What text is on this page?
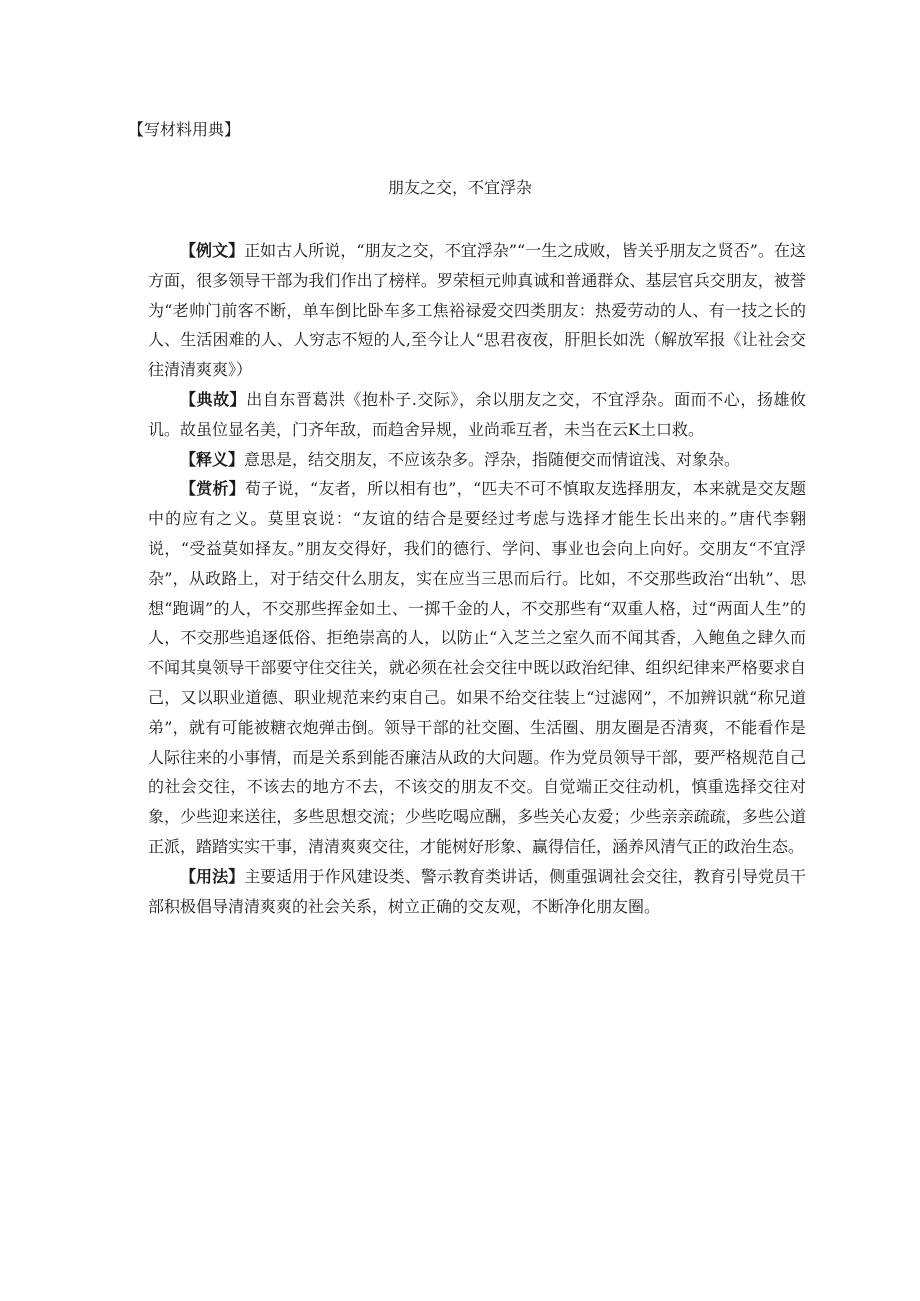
【写材料用典】
朋友之交，不宜浮杂

【例文】正如古人所说，“朋友之交，不宜浮杂”“一生之成败，皆关乎朋友之贤否”。在这方面，很多领导干部为我们作出了榜样。罗荣桓元帅真诚和普通群众、基层官兵交朋友，被誉为“老帅门前客不断，单车倒比卧车多工焦裕禄爱交四类朋友：热爱劳动的人、有一技之长的人、生活困难的人、人穷志不短的人,至今让人“思君夜夜，肝胆长如洗（解放军报《让社会交往清清爽爽》）

【典故】出自东晋葛洪《抱朴子.交际》，余以朋友之交，不宜浮杂。面而不心，扬雄攸讥。故虽位显名美，门齐年敌，而趋舍异规，业尚乖互者，未当在云Κ土口救。

【释义】意思是，结交朋友，不应该杂多。浮杂，指随便交而情谊浅、对象杂。

【赏析】荀子说，“友者，所以相有也”，“匹夫不可不慎取友选择朋友，本来就是交友题中的应有之义。莫里哀说：“友谊的结合是要经过考虑与选择才能生长出来的。”唐代李翱说，“受益莫如择友。”朋友交得好，我们的德行、学问、事业也会向上向好。交朋友“不宜浮杂”，从政路上，对于结交什么朋友，实在应当三思而后行。比如，不交那些政治“出轨”、思想“跑调”的人，不交那些挥金如土、一掷千金的人，不交那些有“双重人格，过“两面人生”的人，不交那些追逐低俗、拒绝崇高的人，以防止“入芝兰之室久而不闻其香，入鲍鱼之肆久而不闻其臭领导干部要守住交往关，就必须在社会交往中既以政治纪律、组织纪律来严格要求自己，又以职业道德、职业规范来约束自己。如果不给交往装上“过滤网”，不加辨识就“称兄道弟”，就有可能被糖衣炮弹击倒。领导干部的社交圈、生活圈、朋友圈是否清爽，不能看作是人际往来的小事情，而是关系到能否廉洁从政的大问题。作为党员领导干部，要严格规范自己的社会交往，不该去的地方不去，不该交的朋友不交。自觉端正交往动机，慎重选择交往对象，少些迎来送往，多些思想交流；少些吃喝应酬，多些关心友爱；少些亲亲疏疏，多些公道正派，踏踏实实干事，清清爽爽交往，才能树好形象、赢得信任，涵养风清气正的政治生态。

【用法】主要适用于作风建设类、警示教育类讲话，侧重强调社会交往，教育引导党员干部积极倡导清清爽爽的社会关系，树立正确的交友观，不断净化朋友圈。
